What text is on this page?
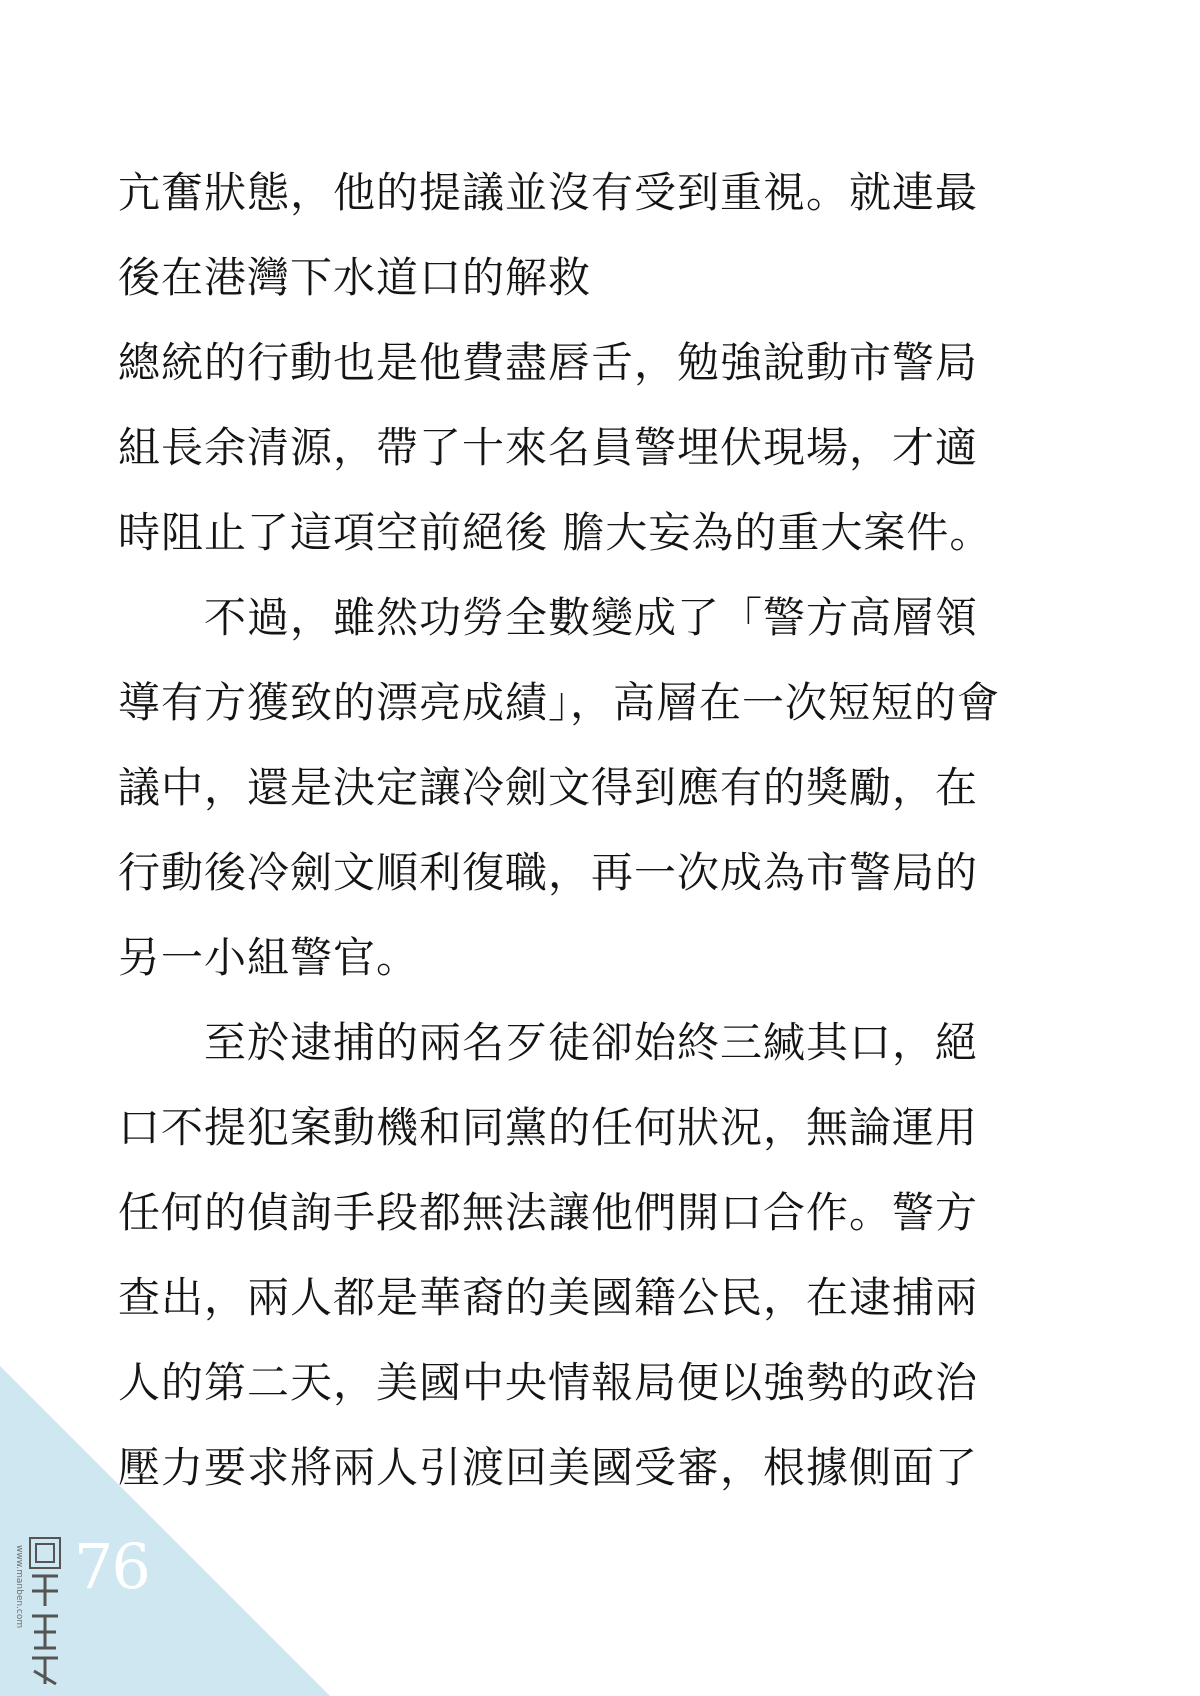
亢奮狀態，他的提議並沒有受到重視。就連最
後在港灣下水道口的解救
總統的行動也是他費盡唇舌，勉強說動市警局
組長余清源，帶了十來名員警埋伏現場，才適
時阻止了這項空前絕後 膽大妄為的重大案件。
　　不過，雖然功勞全數變成了「警方高層領
導有方獲致的漂亮成績」，高層在一次短短的會
議中，還是決定讓冷劍文得到應有的獎勵，在
行動後冷劍文順利復職，再一次成為市警局的
另一小組警官。
　　至於逮捕的兩名歹徒卻始終三緘其口，絕
口不提犯案動機和同黨的任何狀況，無論運用
任何的偵詢手段都無法讓他們開口合作。警方
查出，兩人都是華裔的美國籍公民，在逮捕兩
人的第二天，美國中央情報局便以強勢的政治
壓力要求將兩人引渡回美國受審，根據側面了
76
www.manben.com
